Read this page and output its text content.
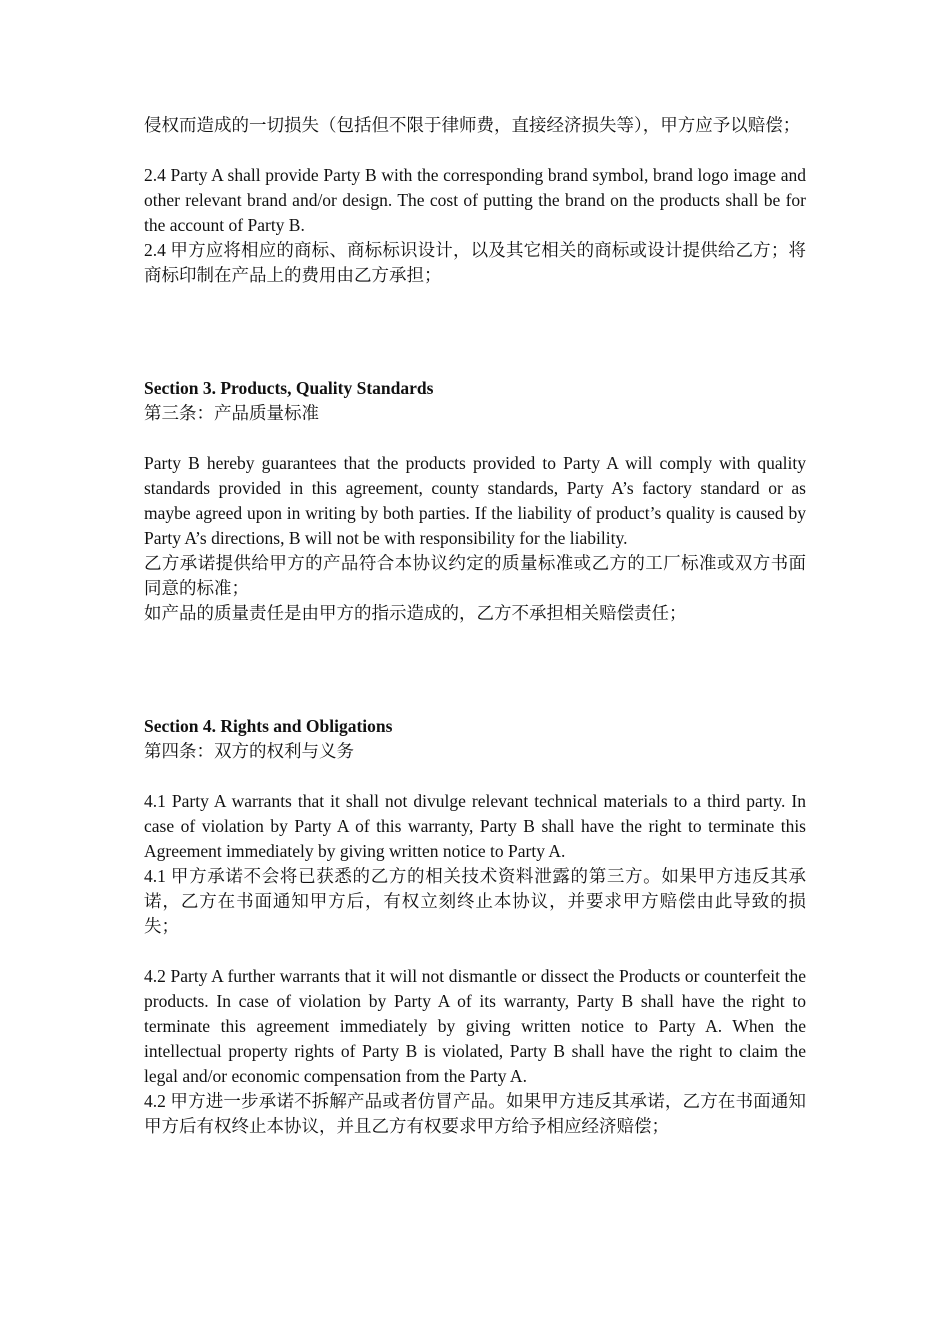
侵权而造成的一切损失（包括但不限于律师费，直接经济损失等），甲方应予以赔偿；

2.4 Party A shall provide Party B with the corresponding brand symbol, brand logo image and other relevant brand and/or design. The cost of putting the brand on the products shall be for the account of Party B.

2.4 甲方应将相应的商标、商标标识设计，以及其它相关的商标或设计提供给乙方；将商标印制在产品上的费用由乙方承担；

Section 3. Products, Quality Standards

第三条：产品质量标准

Party B hereby guarantees that the products provided to Party A will comply with quality standards provided in this agreement, county standards, Party A’s factory standard or as maybe agreed upon in writing by both parties. If the liability of product’s quality is caused by Party A’s directions, B will not be with responsibility for the liability.

乙方承诺提供给甲方的产品符合本协议约定的质量标准或乙方的工厂标准或双方书面同意的标准；

如产品的质量责任是由甲方的指示造成的，乙方不承担相关赔偿责任；

Section 4. Rights and Obligations

第四条：双方的权利与义务

4.1 Party A warrants that it shall not divulge relevant technical materials to a third party. In case of violation by Party A of this warranty, Party B shall have the right to terminate this Agreement immediately by giving written notice to Party A.

4.1 甲方承诺不会将已获悉的乙方的相关技术资料泄露的第三方。如果甲方违反其承诺，乙方在书面通知甲方后，有权立刻终止本协议，并要求甲方赔偿由此导致的损失；

4.2 Party A further warrants that it will not dismantle or dissect the Products or counterfeit the products. In case of violation by Party A of its warranty, Party B shall have the right to terminate this agreement immediately by giving written notice to Party A. When the intellectual property rights of Party B is violated, Party B shall have the right to claim the legal and/or economic compensation from the Party A.

4.2 甲方进一步承诺不拆解产品或者仿冒产品。如果甲方违反其承诺，乙方在书面通知甲方后有权终止本协议，并且乙方有权要求甲方给予相应经济赔偿；
